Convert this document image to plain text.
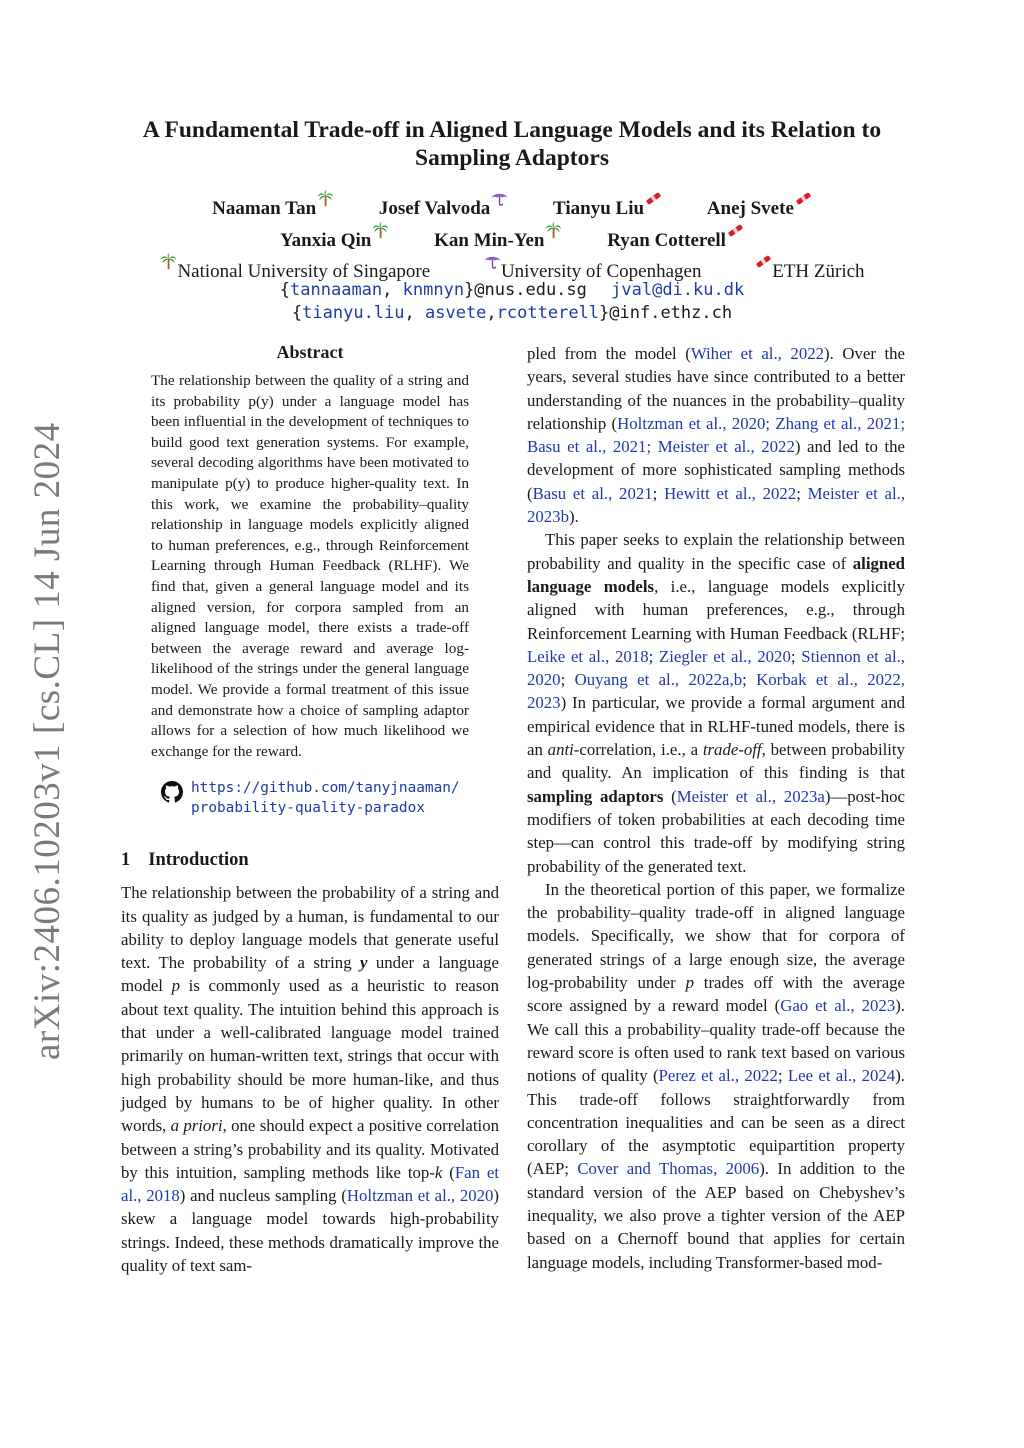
arXiv:2406.10203v1 [cs.CL] 14 Jun 2024
A Fundamental Trade-off in Aligned Language Models and its Relation to
Sampling Adaptors
Naaman Tan	Josef Valvoda	Tianyu Liu	Anej Svete
Yanxia Qin	Kan Min-Yen	Ryan Cotterell
National University of Singapore	University of Copenhagen	ETH Zürich
{tannaaman, knmnyn}@nus.edu.sg jval@di.ku.dk
{tianyu.liu, asvete,rcotterell}@inf.ethz.ch
Abstract
The relationship between the quality of a string and its probability p(y) under a language model has been influential in the development of techniques to build good text generation systems. For example, several decoding algorithms have been motivated to manipulate p(y) to produce higher-quality text. In this work, we examine the probability–quality relationship in language models explicitly aligned to human preferences, e.g., through Reinforcement Learning through Human Feedback (RLHF). We find that, given a general language model and its aligned version, for corpora sampled from an aligned language model, there exists a trade-off between the average reward and average log-likelihood of the strings under the general language model. We provide a formal treatment of this issue and demonstrate how a choice of sampling adaptor allows for a selection of how much likelihood we exchange for the reward.
https://github.com/tanyjnaaman/
probability-quality-paradox
1 Introduction

The relationship between the probability of a string and its quality as judged by a human, is fundamental to our ability to deploy language models that generate useful text. The probability of a string y under a language model p is commonly used as a heuristic to reason about text quality. The intuition behind this approach is that under a well-calibrated language model trained primarily on human-written text, strings that occur with high probability should be more human-like, and thus judged by humans to be of higher quality. In other words, a priori, one should expect a positive correlation between a string’s probability and its quality. Motivated by this intuition, sampling methods like top-k (Fan et al., 2018) and nucleus sampling (Holtzman et al., 2020) skew a language model towards high-probability strings. Indeed, these methods dramatically improve the quality of text sam-

pled from the model (Wiher et al., 2022). Over the years, several studies have since contributed to a better understanding of the nuances in the probability–quality relationship (Holtzman et al., 2020; Zhang et al., 2021; Basu et al., 2021; Meister et al., 2022) and led to the development of more sophisticated sampling methods (Basu et al., 2021; Hewitt et al., 2022; Meister et al., 2023b).

This paper seeks to explain the relationship between probability and quality in the specific case of aligned language models, i.e., language models explicitly aligned with human preferences, e.g., through Reinforcement Learning with Human Feedback (RLHF; Leike et al., 2018; Ziegler et al., 2020; Stiennon et al., 2020; Ouyang et al., 2022a,b; Korbak et al., 2022, 2023) In particular, we provide a formal argument and empirical evidence that in RLHF-tuned models, there is an anti-correlation, i.e., a trade-off, between probability and quality. An implication of this finding is that sampling adaptors (Meister et al., 2023a)—post-hoc modifiers of token probabilities at each decoding time step—can control this trade-off by modifying string probability of the generated text.

In the theoretical portion of this paper, we formalize the probability–quality trade-off in aligned language models. Specifically, we show that for corpora of generated strings of a large enough size, the average log-probability under p trades off with the average score assigned by a reward model (Gao et al., 2023). We call this a probability–quality trade-off because the reward score is often used to rank text based on various notions of quality (Perez et al., 2022; Lee et al., 2024). This trade-off follows straightforwardly from concentration inequalities and can be seen as a direct corollary of the asymptotic equipartition property (AEP; Cover and Thomas, 2006). In addition to the standard version of the AEP based on Chebyshev’s inequality, we also prove a tighter version of the AEP based on a Chernoff bound that applies for certain language models, including Transformer-based mod-
